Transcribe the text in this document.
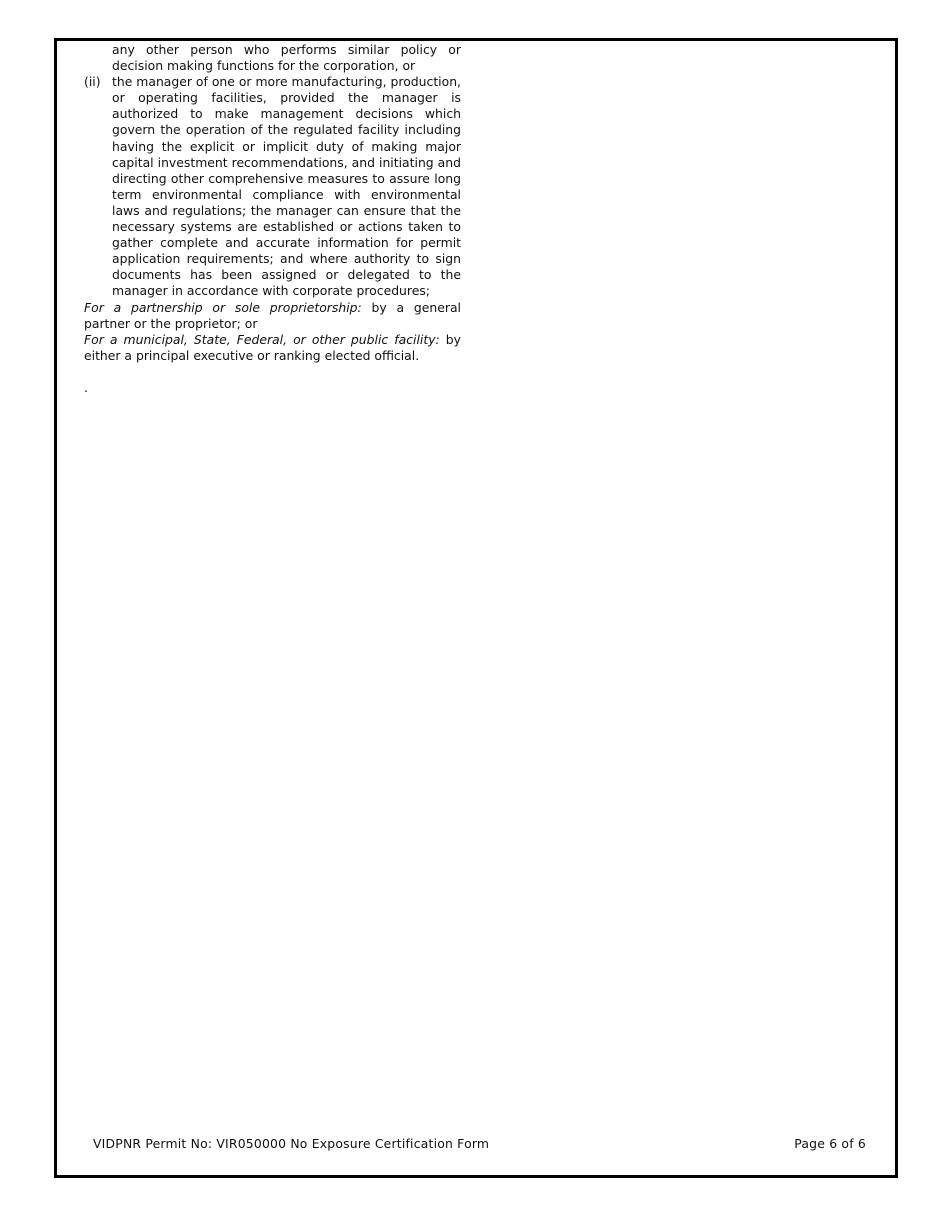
any other person who performs similar policy or decision making functions for the corporation, or
(ii) the manager of one or more manufacturing, production, or operating facilities, provided the manager is authorized to make management decisions which govern the operation of the regulated facility including having the explicit or implicit duty of making major capital investment recommendations, and initiating and directing other comprehensive measures to assure long term environmental compliance with environmental laws and regulations; the manager can ensure that the necessary systems are established or actions taken to gather complete and accurate information for permit application requirements; and where authority to sign documents has been assigned or delegated to the manager in accordance with corporate procedures;

For a partnership or sole proprietorship: by a general partner or the proprietor; or

For a municipal, State, Federal, or other public facility: by either a principal executive or ranking elected official.

.
VIDPNR Permit No: VIR050000 No Exposure Certification Form	Page 6 of 6
